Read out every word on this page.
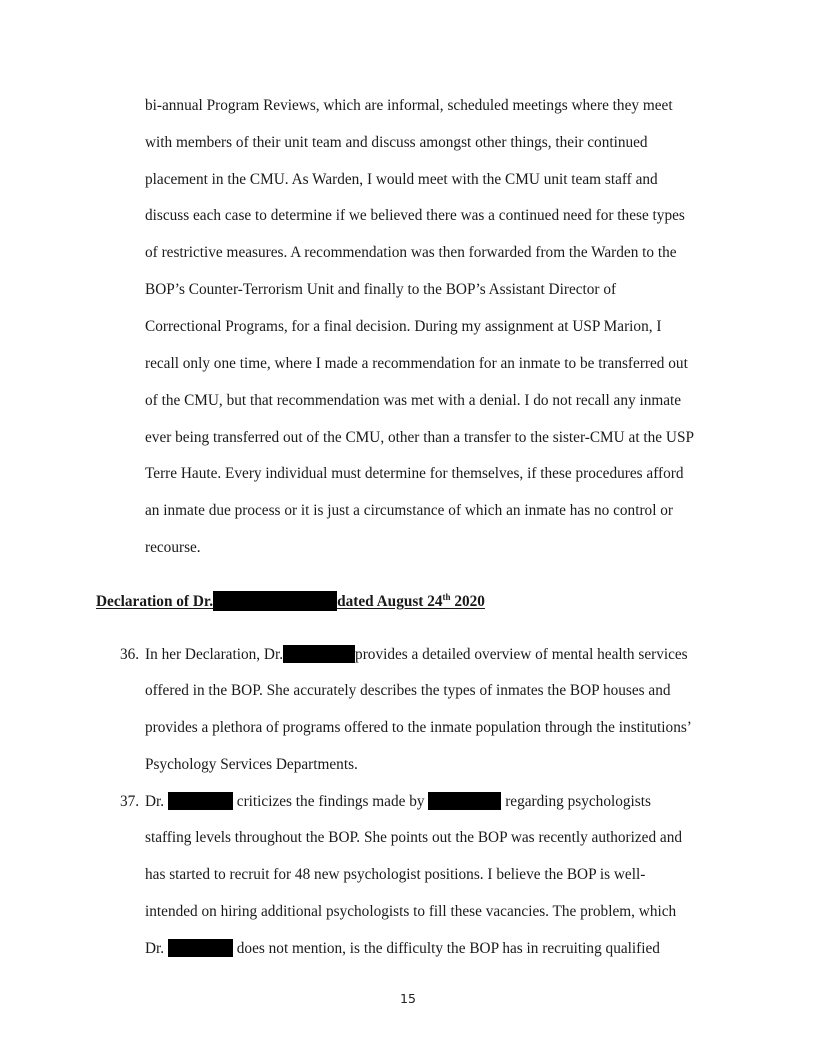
bi-annual Program Reviews, which are informal, scheduled meetings where they meet
with members of their unit team and discuss amongst other things, their continued
placement in the CMU. As Warden, I would meet with the CMU unit team staff and
discuss each case to determine if we believed there was a continued need for these types
of restrictive measures. A recommendation was then forwarded from the Warden to the
BOP’s Counter-Terrorism Unit and finally to the BOP’s Assistant Director of
Correctional Programs, for a final decision. During my assignment at USP Marion, I
recall only one time, where I made a recommendation for an inmate to be transferred out
of the CMU, but that recommendation was met with a denial. I do not recall any inmate
ever being transferred out of the CMU, other than a transfer to the sister-CMU at the USP
Terre Haute. Every individual must determine for themselves, if these procedures afford
an inmate due process or it is just a circumstance of which an inmate has no control or
recourse.
Declaration of Dr.	dated August 24th 2020
36. In her Declaration, Dr.	provides a detailed overview of mental health services
offered in the BOP. She accurately describes the types of inmates the BOP houses and
provides a plethora of programs offered to the inmate population through the institutions’
Psychology Services Departments.
37. Dr.	criticizes the findings made by	regarding psychologists
staffing levels throughout the BOP. She points out the BOP was recently authorized and
has started to recruit for 48 new psychologist positions. I believe the BOP is well-
intended on hiring additional psychologists to fill these vacancies. The problem, which
Dr.	does not mention, is the difficulty the BOP has in recruiting qualified
15
